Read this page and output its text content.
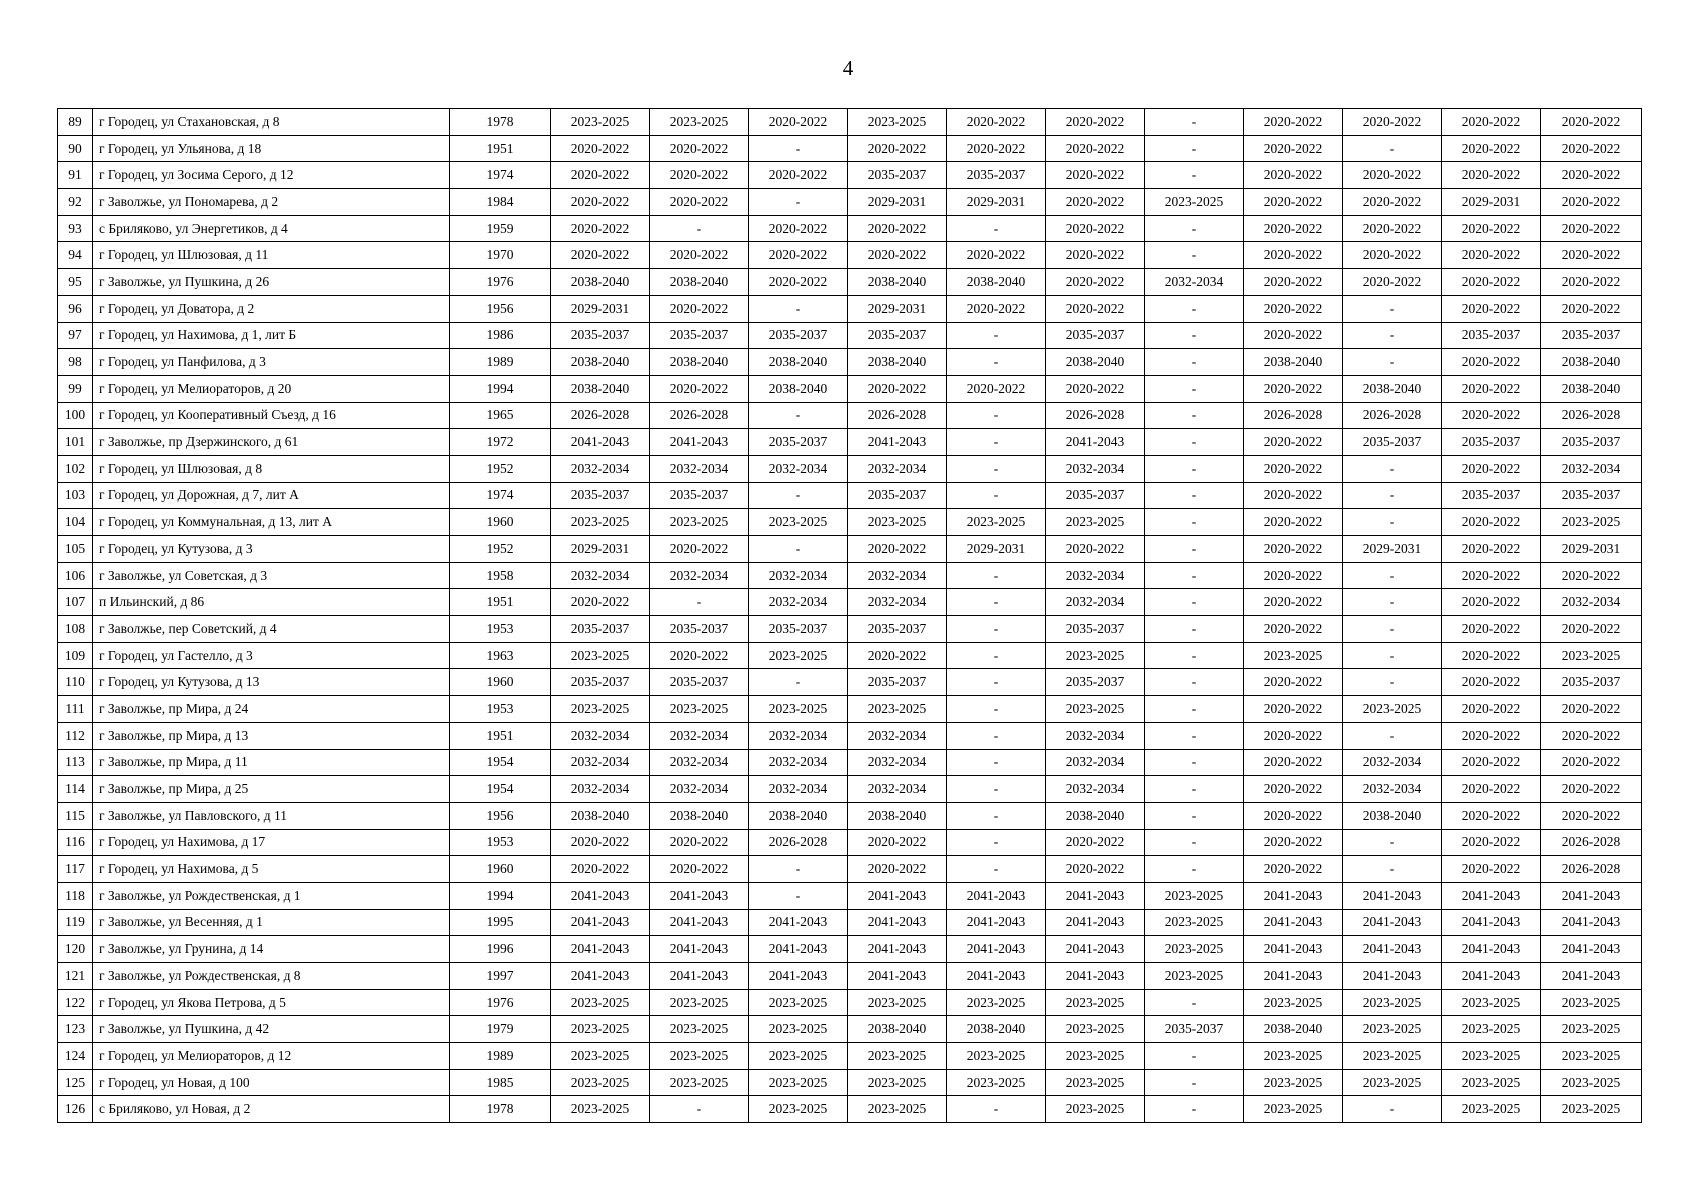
4
89	г Городец, ул Стахановская, д 8	1978	2023-2025	2023-2025	2020-2022	2023-2025	2020-2022	2020-2022	-	2020-2022	2020-2022	2020-2022	2020-2022
90	г Городец, ул Ульянова, д 18	1951	2020-2022	2020-2022	-	2020-2022	2020-2022	2020-2022	-	2020-2022	-	2020-2022	2020-2022
91	г Городец, ул Зосима Серого, д 12	1974	2020-2022	2020-2022	2020-2022	2035-2037	2035-2037	2020-2022	-	2020-2022	2020-2022	2020-2022	2020-2022
92	г Заволжье, ул Пономарева, д 2	1984	2020-2022	2020-2022	-	2029-2031	2029-2031	2020-2022	2023-2025	2020-2022	2020-2022	2029-2031	2020-2022
93	с Бриляково, ул Энергетиков, д 4	1959	2020-2022	-	2020-2022	2020-2022	-	2020-2022	-	2020-2022	2020-2022	2020-2022	2020-2022
94	г Городец, ул Шлюзовая, д 11	1970	2020-2022	2020-2022	2020-2022	2020-2022	2020-2022	2020-2022	-	2020-2022	2020-2022	2020-2022	2020-2022
95	г Заволжье, ул Пушкина, д 26	1976	2038-2040	2038-2040	2020-2022	2038-2040	2038-2040	2020-2022	2032-2034	2020-2022	2020-2022	2020-2022	2020-2022
96	г Городец, ул Доватора, д 2	1956	2029-2031	2020-2022	-	2029-2031	2020-2022	2020-2022	-	2020-2022	-	2020-2022	2020-2022
97	г Городец, ул Нахимова, д 1, лит Б	1986	2035-2037	2035-2037	2035-2037	2035-2037	-	2035-2037	-	2020-2022	-	2035-2037	2035-2037
98	г Городец, ул Панфилова, д 3	1989	2038-2040	2038-2040	2038-2040	2038-2040	-	2038-2040	-	2038-2040	-	2020-2022	2038-2040
99	г Городец, ул Мелиораторов, д 20	1994	2038-2040	2020-2022	2038-2040	2020-2022	2020-2022	2020-2022	-	2020-2022	2038-2040	2020-2022	2038-2040
100	г Городец, ул Кооперативный Съезд, д 16	1965	2026-2028	2026-2028	-	2026-2028	-	2026-2028	-	2026-2028	2026-2028	2020-2022	2026-2028
101	г Заволжье, пр Дзержинского, д 61	1972	2041-2043	2041-2043	2035-2037	2041-2043	-	2041-2043	-	2020-2022	2035-2037	2035-2037	2035-2037
102	г Городец, ул Шлюзовая, д 8	1952	2032-2034	2032-2034	2032-2034	2032-2034	-	2032-2034	-	2020-2022	-	2020-2022	2032-2034
103	г Городец, ул Дорожная, д 7, лит А	1974	2035-2037	2035-2037	-	2035-2037	-	2035-2037	-	2020-2022	-	2035-2037	2035-2037
104	г Городец, ул Коммунальная, д 13, лит А	1960	2023-2025	2023-2025	2023-2025	2023-2025	2023-2025	2023-2025	-	2020-2022	-	2020-2022	2023-2025
105	г Городец, ул Кутузова, д 3	1952	2029-2031	2020-2022	-	2020-2022	2029-2031	2020-2022	-	2020-2022	2029-2031	2020-2022	2029-2031
106	г Заволжье, ул Советская, д 3	1958	2032-2034	2032-2034	2032-2034	2032-2034	-	2032-2034	-	2020-2022	-	2020-2022	2020-2022
107	п Ильинский, д 86	1951	2020-2022	-	2032-2034	2032-2034	-	2032-2034	-	2020-2022	-	2020-2022	2032-2034
108	г Заволжье, пер Советский, д 4	1953	2035-2037	2035-2037	2035-2037	2035-2037	-	2035-2037	-	2020-2022	-	2020-2022	2020-2022
109	г Городец, ул Гастелло, д 3	1963	2023-2025	2020-2022	2023-2025	2020-2022	-	2023-2025	-	2023-2025	-	2020-2022	2023-2025
110	г Городец, ул Кутузова, д 13	1960	2035-2037	2035-2037	-	2035-2037	-	2035-2037	-	2020-2022	-	2020-2022	2035-2037
111	г Заволжье, пр Мира, д 24	1953	2023-2025	2023-2025	2023-2025	2023-2025	-	2023-2025	-	2020-2022	2023-2025	2020-2022	2020-2022
112	г Заволжье, пр Мира, д 13	1951	2032-2034	2032-2034	2032-2034	2032-2034	-	2032-2034	-	2020-2022	-	2020-2022	2020-2022
113	г Заволжье, пр Мира, д 11	1954	2032-2034	2032-2034	2032-2034	2032-2034	-	2032-2034	-	2020-2022	2032-2034	2020-2022	2020-2022
114	г Заволжье, пр Мира, д 25	1954	2032-2034	2032-2034	2032-2034	2032-2034	-	2032-2034	-	2020-2022	2032-2034	2020-2022	2020-2022
115	г Заволжье, ул Павловского, д 11	1956	2038-2040	2038-2040	2038-2040	2038-2040	-	2038-2040	-	2020-2022	2038-2040	2020-2022	2020-2022
116	г Городец, ул Нахимова, д 17	1953	2020-2022	2020-2022	2026-2028	2020-2022	-	2020-2022	-	2020-2022	-	2020-2022	2026-2028
117	г Городец, ул Нахимова, д 5	1960	2020-2022	2020-2022	-	2020-2022	-	2020-2022	-	2020-2022	-	2020-2022	2026-2028
118	г Заволжье, ул Рождественская, д 1	1994	2041-2043	2041-2043	-	2041-2043	2041-2043	2041-2043	2023-2025	2041-2043	2041-2043	2041-2043	2041-2043
119	г Заволжье, ул Весенняя, д 1	1995	2041-2043	2041-2043	2041-2043	2041-2043	2041-2043	2041-2043	2023-2025	2041-2043	2041-2043	2041-2043	2041-2043
120	г Заволжье, ул Грунина, д 14	1996	2041-2043	2041-2043	2041-2043	2041-2043	2041-2043	2041-2043	2023-2025	2041-2043	2041-2043	2041-2043	2041-2043
121	г Заволжье, ул Рождественская, д 8	1997	2041-2043	2041-2043	2041-2043	2041-2043	2041-2043	2041-2043	2023-2025	2041-2043	2041-2043	2041-2043	2041-2043
122	г Городец, ул Якова Петрова, д 5	1976	2023-2025	2023-2025	2023-2025	2023-2025	2023-2025	2023-2025	-	2023-2025	2023-2025	2023-2025	2023-2025
123	г Заволжье, ул Пушкина, д 42	1979	2023-2025	2023-2025	2023-2025	2038-2040	2038-2040	2023-2025	2035-2037	2038-2040	2023-2025	2023-2025	2023-2025
124	г Городец, ул Мелиораторов, д 12	1989	2023-2025	2023-2025	2023-2025	2023-2025	2023-2025	2023-2025	-	2023-2025	2023-2025	2023-2025	2023-2025
125	г Городец, ул Новая, д 100	1985	2023-2025	2023-2025	2023-2025	2023-2025	2023-2025	2023-2025	-	2023-2025	2023-2025	2023-2025	2023-2025
126	с Бриляково, ул Новая, д 2	1978	2023-2025	-	2023-2025	2023-2025	-	2023-2025	-	2023-2025	-	2023-2025	2023-2025
